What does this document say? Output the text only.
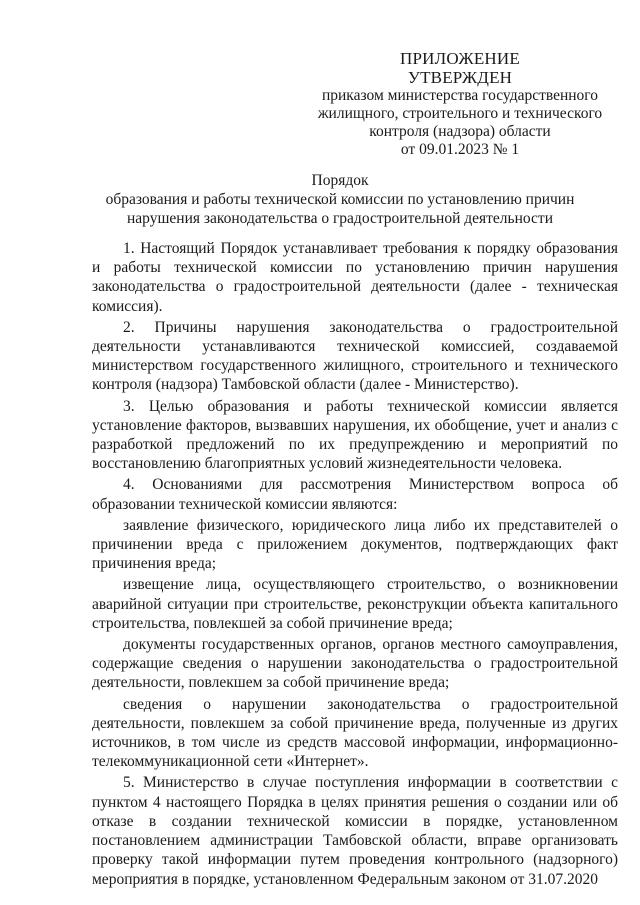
ПРИЛОЖЕНИЕ
УТВЕРЖДЕН
приказом министерства государственного
жилищного, строительного и технического
контроля (надзора) области
от 09.01.2023 № 1
Порядок
образования и работы технической комиссии по установлению причин
нарушения законодательства о градостроительной деятельности

1. Настоящий Порядок устанавливает требования к порядку образования и работы технической комиссии по установлению причин нарушения законодательства о градостроительной деятельности (далее - техническая комиссия).

2. Причины нарушения законодательства о градостроительной деятельности устанавливаются технической комиссией, создаваемой министерством государственного жилищного, строительного и технического контроля (надзора) Тамбовской области (далее - Министерство).

3. Целью образования и работы технической комиссии является установление факторов, вызвавших нарушения, их обобщение, учет и анализ с разработкой предложений по их предупреждению и мероприятий по восстановлению благоприятных условий жизнедеятельности человека.

4. Основаниями для рассмотрения Министерством вопроса об образовании технической комиссии являются:

заявление физического, юридического лица либо их представителей о причинении вреда с приложением документов, подтверждающих факт причинения вреда;

извещение лица, осуществляющего строительство, о возникновении аварийной ситуации при строительстве, реконструкции объекта капитального строительства, повлекшей за собой причинение вреда;

документы государственных органов, органов местного самоуправления, содержащие сведения о нарушении законодательства о градостроительной деятельности, повлекшем за собой причинение вреда;

сведения о нарушении законодательства о градостроительной деятельности, повлекшем за собой причинение вреда, полученные из других источников, в том числе из средств массовой информации, информационно-телекоммуникационной сети «Интернет».

5. Министерство в случае поступления информации в соответствии с пунктом 4 настоящего Порядка в целях принятия решения о создании или об отказе в создании технической комиссии в порядке, установленном постановлением администрации Тамбовской области, вправе организовать проверку такой информации путем проведения контрольного (надзорного) мероприятия в порядке, установленном Федеральным законом от 31.07.2020
